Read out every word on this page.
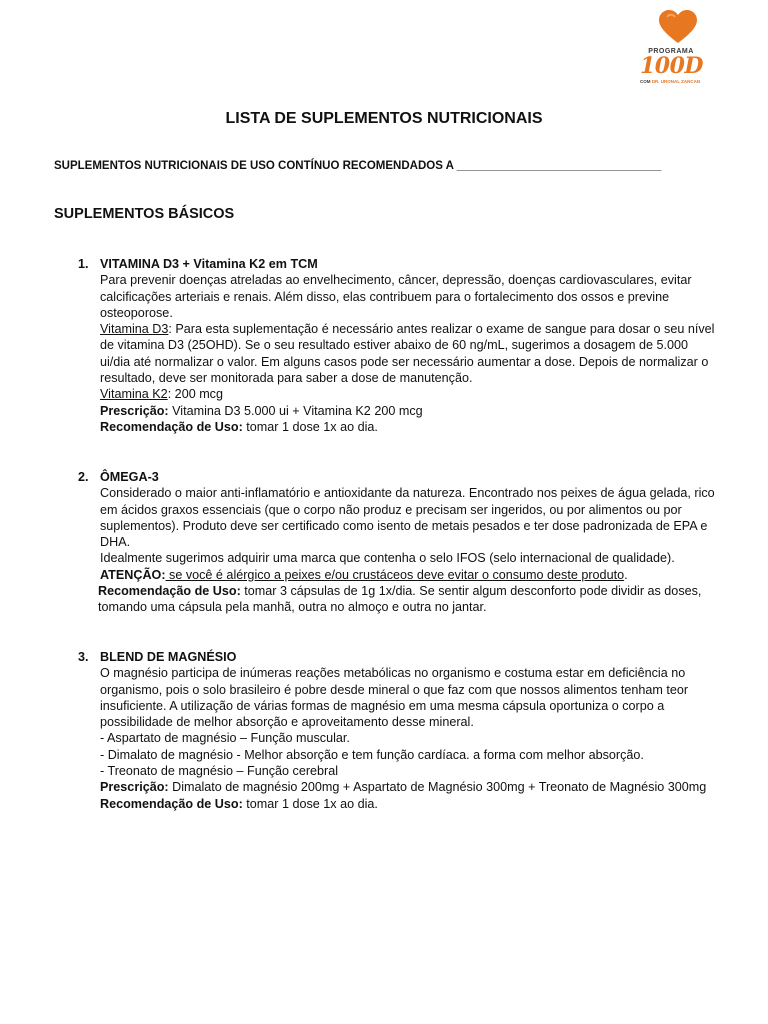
PROGRAMA
100D
COM DR. URONAL ZANCAN
LISTA DE SUPLEMENTOS NUTRICIONAIS
SUPLEMENTOS NUTRICIONAIS DE USO CONTÍNUO RECOMENDADOS A ________________________________
SUPLEMENTOS BÁSICOS

1. VITAMINA D3 + Vitamina K2 em TCM

Para prevenir doenças atreladas ao envelhecimento, câncer, depressão, doenças cardiovasculares, evitar calcificações arteriais e renais. Além disso, elas contribuem para o fortalecimento dos ossos e previne osteoporose.

Vitamina D3: Para esta suplementação é necessário antes realizar o exame de sangue para dosar o seu nível de vitamina D3 (25OHD). Se o seu resultado estiver abaixo de 60 ng/mL, sugerimos a dosagem de 5.000 ui/dia até normalizar o valor. Em alguns casos pode ser necessário aumentar a dose. Depois de normalizar o resultado, deve ser monitorada para saber a dose de manutenção.

Vitamina K2: 200 mcg

Prescrição: Vitamina D3 5.000 ui + Vitamina K2 200 mcg

Recomendação de Uso: tomar 1 dose 1x ao dia.

2. ÔMEGA-3

Considerado o maior anti-inflamatório e antioxidante da natureza. Encontrado nos peixes de água gelada, rico em ácidos graxos essenciais (que o corpo não produz e precisam ser ingeridos, ou por alimentos ou por suplementos). Produto deve ser certificado como isento de metais pesados e ter dose padronizada de EPA e DHA.

Idealmente sugerimos adquirir uma marca que contenha o selo IFOS (selo internacional de qualidade).

ATENÇÃO: se você é alérgico a peixes e/ou crustáceos deve evitar o consumo deste produto.

Recomendação de Uso: tomar 3 cápsulas de 1g 1x/dia. Se sentir algum desconforto pode dividir as doses, tomando uma cápsula pela manhã, outra no almoço e outra no jantar.

3. BLEND DE MAGNÉSIO

O magnésio participa de inúmeras reações metabólicas no organismo e costuma estar em deficiência no organismo, pois o solo brasileiro é pobre desde mineral o que faz com que nossos alimentos tenham teor insuficiente. A utilização de várias formas de magnésio em uma mesma cápsula oportuniza o corpo a possibilidade de melhor absorção e aproveitamento desse mineral.

- Aspartato de magnésio – Função muscular.

- Dimalato de magnésio - Melhor absorção e tem função cardíaca. a forma com melhor absorção.

- Treonato de magnésio – Função cerebral

Prescrição: Dimalato de magnésio 200mg + Aspartato de Magnésio 300mg + Treonato de Magnésio 300mg

Recomendação de Uso: tomar 1 dose 1x ao dia.
